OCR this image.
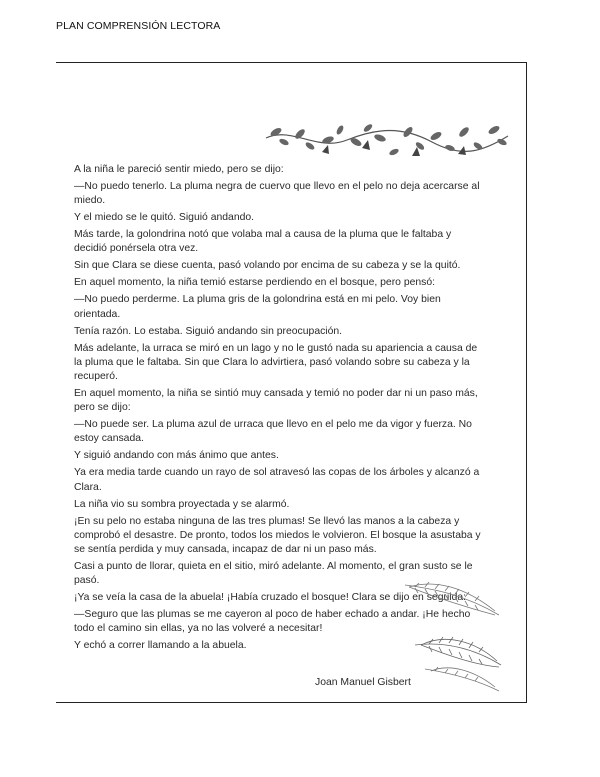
PLAN COMPRENSIÓN LECTORA

A la niña le pareció sentir miedo, pero se dijo:

—No puedo tenerlo. La pluma negra de cuervo que llevo en el pelo no deja acercarse al miedo.

Y el miedo se le quitó. Siguió andando.

Más tarde, la golondrina notó que volaba mal a causa de la pluma que le faltaba y decidió ponérsela otra vez.

Sin que Clara se diese cuenta, pasó volando por encima de su cabeza y se la quitó.

En aquel momento, la niña temió estarse perdiendo en el bosque, pero pensó:

—No puedo perderme. La pluma gris de la golondrina está en mi pelo. Voy bien orientada.

Tenía razón. Lo estaba. Siguió andando sin preocupación.

Más adelante, la urraca se miró en un lago y no le gustó nada su apariencia a causa de la pluma que le faltaba. Sin que Clara lo advirtiera, pasó volando sobre su cabeza y la recuperó.

En aquel momento, la niña se sintió muy cansada y temió no poder dar ni un paso más, pero se dijo:

—No puede ser. La pluma azul de urraca que llevo en el pelo me da vigor y fuerza. No estoy cansada.

Y siguió andando con más ánimo que antes.

Ya era media tarde cuando un rayo de sol atravesó las copas de los árboles y alcanzó a Clara.

La niña vio su sombra proyectada y se alarmó.

¡En su pelo no estaba ninguna de las tres plumas! Se llevó las manos a la cabeza y comprobó el desastre. De pronto, todos los miedos le volvieron. El bosque la asustaba y se sentía perdida y muy cansada, incapaz de dar ni un paso más.

Casi a punto de llorar, quieta en el sitio, miró adelante. Al momento, el gran susto se le pasó.

¡Ya se veía la casa de la abuela! ¡Había cruzado el bosque! Clara se dijo en seguida:

—Seguro que las plumas se me cayeron al poco de haber echado a andar. ¡He hecho todo el camino sin ellas, ya no las volveré a necesitar!

Y echó a correr llamando a la abuela.

Joan Manuel Gisbert
